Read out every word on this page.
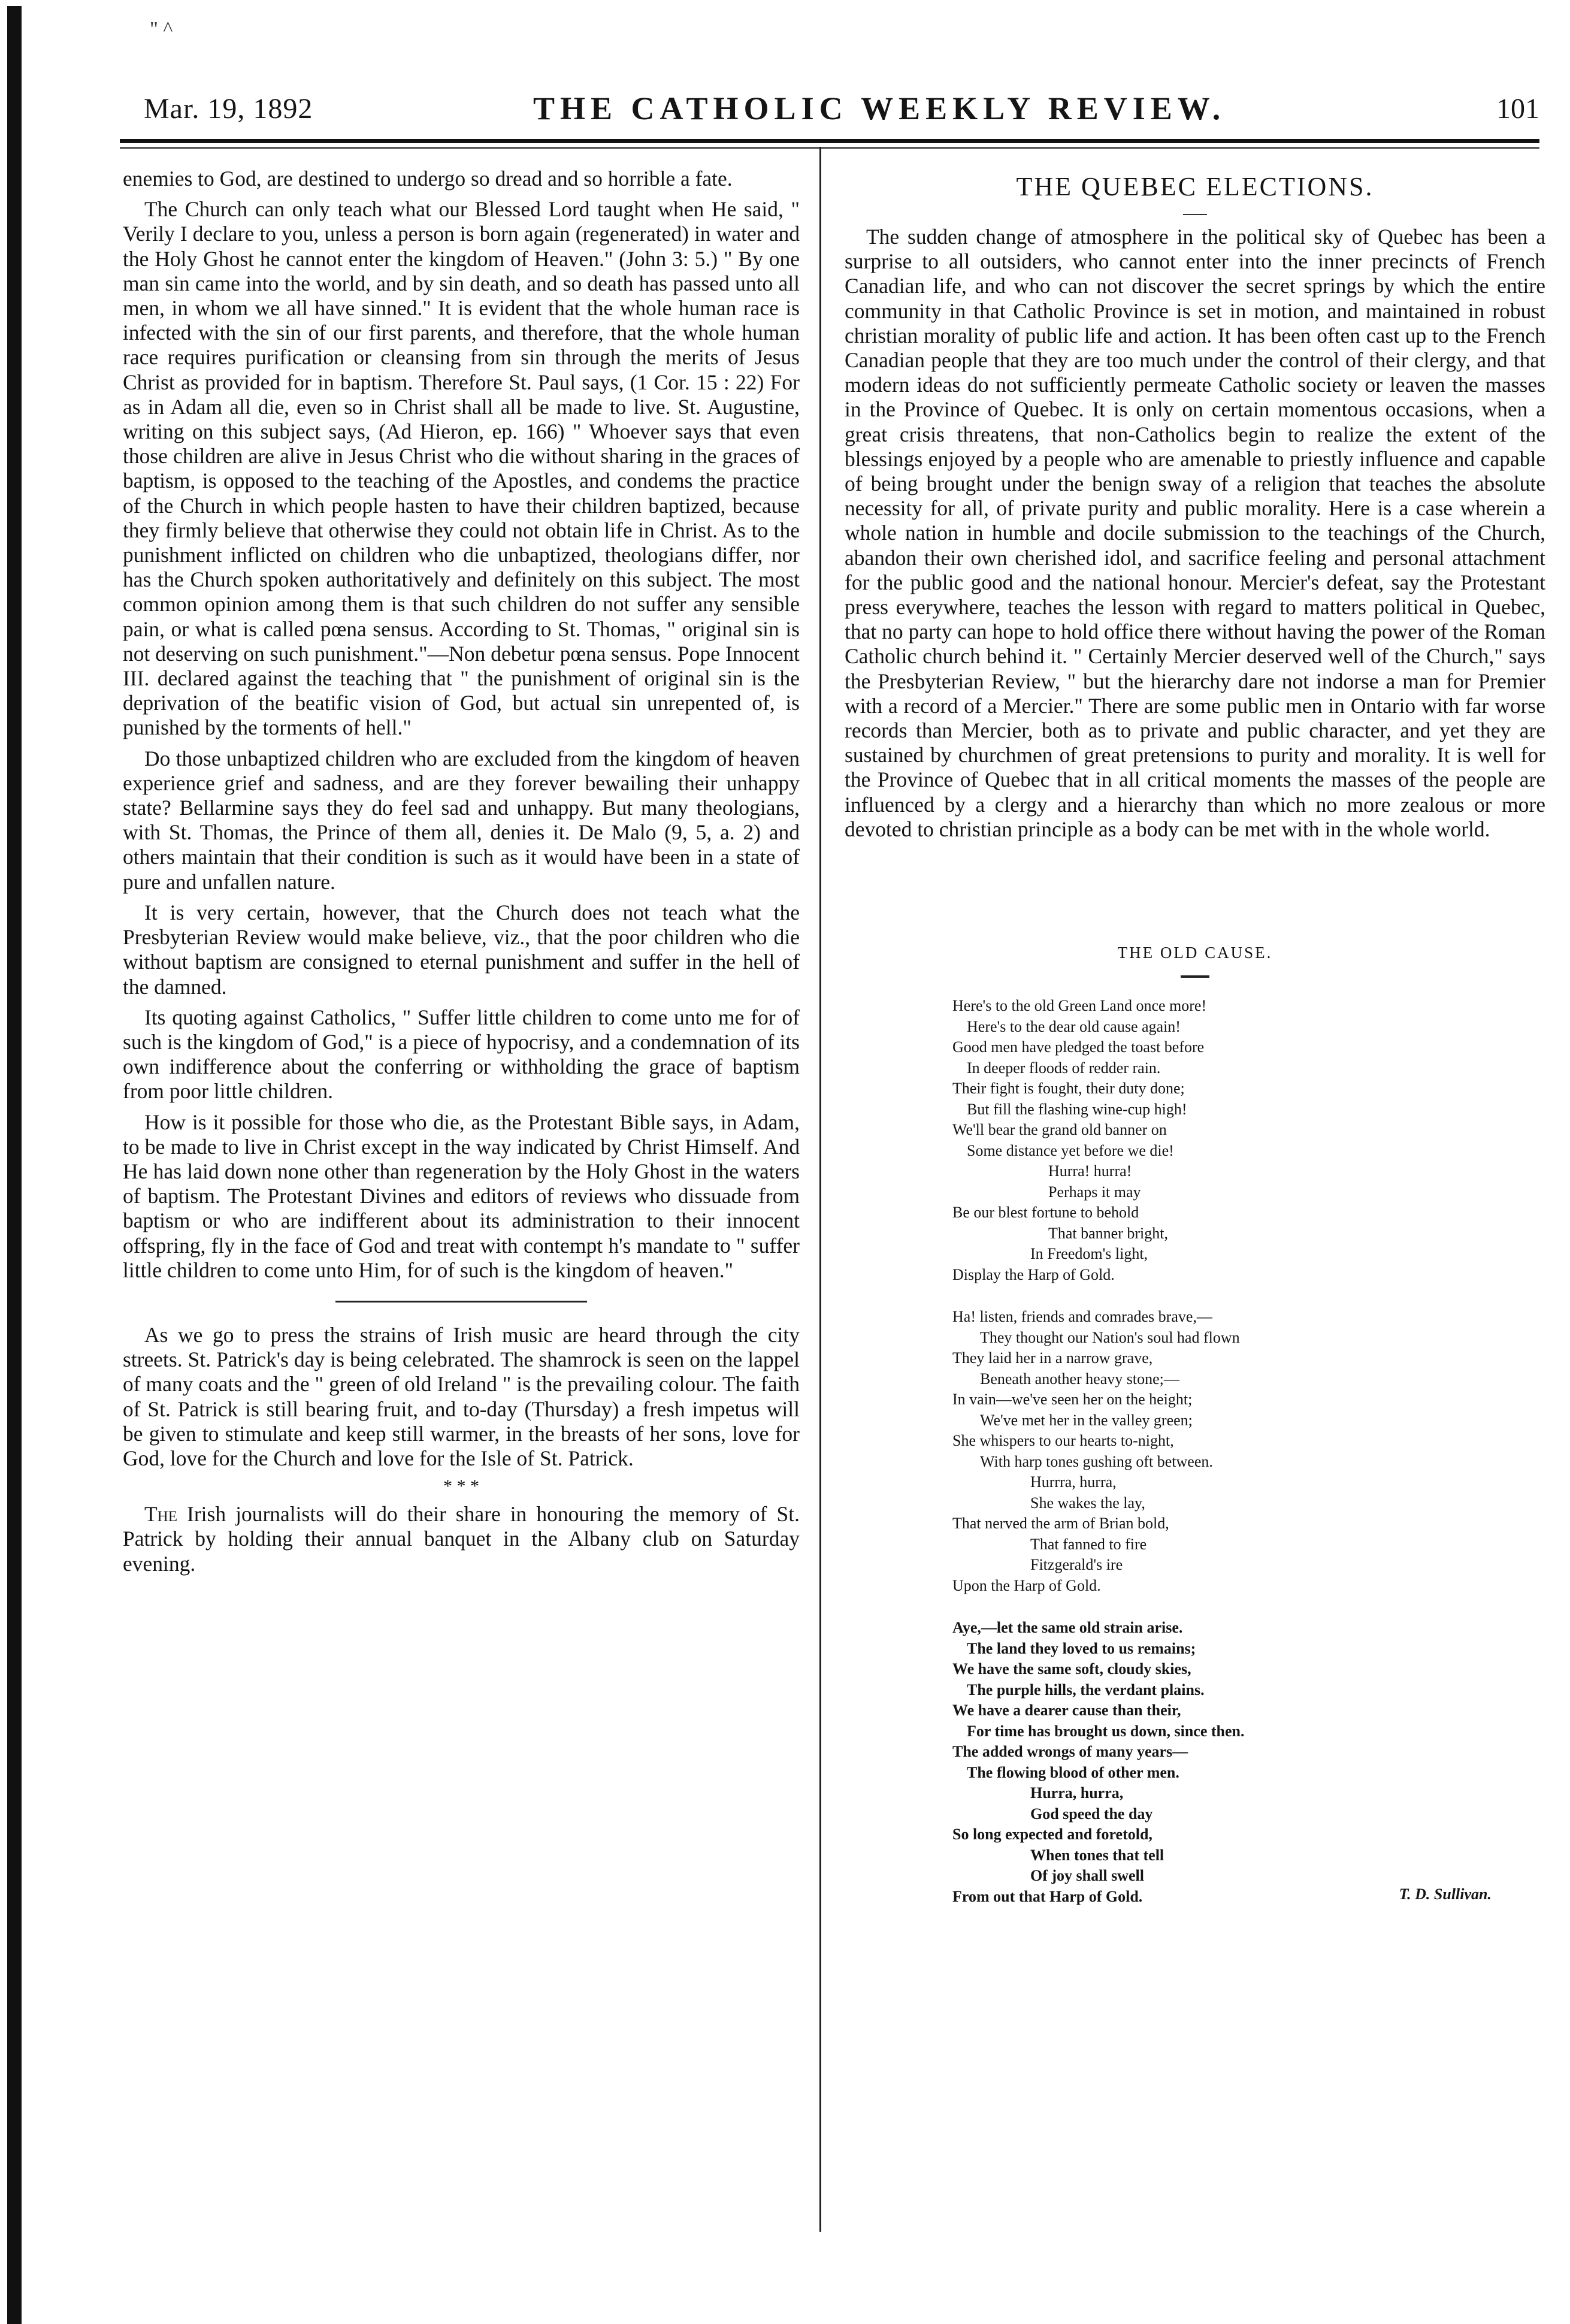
" ^
Mar. 19, 1892	THE CATHOLIC WEEKLY REVIEW.	101

enemies to God, are destined to undergo so dread and so horrible a fate.

The Church can only teach what our Blessed Lord taught when He said, " Verily I declare to you, unless a person is born again (regenerated) in water and the Holy Ghost he cannot enter the kingdom of Heaven." (John 3: 5.) " By one man sin came into the world, and by sin death, and so death has passed unto all men, in whom we all have sinned." It is evident that the whole human race is infected with the sin of our first parents, and therefore, that the whole human race requires purification or cleansing from sin through the merits of Jesus Christ as provided for in baptism. Therefore St. Paul says, (1 Cor. 15 : 22) For as in Adam all die, even so in Christ shall all be made to live. St. Augustine, writing on this subject says, (Ad Hieron, ep. 166) " Whoever says that even those children are alive in Jesus Christ who die without sharing in the graces of baptism, is opposed to the teaching of the Apostles, and condems the practice of the Church in which people hasten to have their children baptized, because they firmly believe that otherwise they could not obtain life in Christ. As to the punishment inflicted on children who die unbaptized, theologians differ, nor has the Church spoken authoritatively and definitely on this subject. The most common opinion among them is that such children do not suffer any sensible pain, or what is called pœna sensus. According to St. Thomas, " original sin is not deserving on such punishment."—Non debetur pœna sensus. Pope Innocent III. declared against the teaching that " the punishment of original sin is the deprivation of the beatific vision of God, but actual sin unrepented of, is punished by the torments of hell."

Do those unbaptized children who are excluded from the kingdom of heaven experience grief and sadness, and are they forever bewailing their unhappy state? Bellarmine says they do feel sad and unhappy. But many theologians, with St. Thomas, the Prince of them all, denies it. De Malo (9, 5, a. 2) and others maintain that their condition is such as it would have been in a state of pure and unfallen nature.

It is very certain, however, that the Church does not teach what the Presbyterian Review would make believe, viz., that the poor children who die without baptism are consigned to eternal punishment and suffer in the hell of the damned.

Its quoting against Catholics, " Suffer little children to come unto me for of such is the kingdom of God," is a piece of hypocrisy, and a condemnation of its own indifference about the conferring or withholding the grace of baptism from poor little children.

How is it possible for those who die, as the Protestant Bible says, in Adam, to be made to live in Christ except in the way indicated by Christ Himself. And He has laid down none other than regeneration by the Holy Ghost in the waters of baptism. The Protestant Divines and editors of reviews who dissuade from baptism or who are indifferent about its administration to their innocent offspring, fly in the face of God and treat with contempt h's mandate to " suffer little children to come unto Him, for of such is the kingdom of heaven."

As we go to press the strains of Irish music are heard through the city streets. St. Patrick's day is being celebrated. The shamrock is seen on the lappel of many coats and the " green of old Ireland " is the prevailing colour. The faith of St. Patrick is still bearing fruit, and to-day (Thursday) a fresh impetus will be given to stimulate and keep still warmer, in the breasts of her sons, love for God, love for the Church and love for the Isle of St. Patrick.

* * *

The Irish journalists will do their share in honouring the memory of St. Patrick by holding their annual banquet in the Albany club on Saturday evening.

THE QUEBEC ELECTIONS.

The sudden change of atmosphere in the political sky of Quebec has been a surprise to all outsiders, who cannot enter into the inner precincts of French Canadian life, and who can not discover the secret springs by which the entire community in that Catholic Province is set in motion, and maintained in robust christian morality of public life and action. It has been often cast up to the French Canadian people that they are too much under the control of their clergy, and that modern ideas do not sufficiently permeate Catholic society or leaven the masses in the Province of Quebec. It is only on certain momentous occasions, when a great crisis threatens, that non-Catholics begin to realize the extent of the blessings enjoyed by a people who are amenable to priestly influence and capable of being brought under the benign sway of a religion that teaches the absolute necessity for all, of private purity and public morality. Here is a case wherein a whole nation in humble and docile submission to the teachings of the Church, abandon their own cherished idol, and sacrifice feeling and personal attachment for the public good and the national honour. Mercier's defeat, say the Protestant press everywhere, teaches the lesson with regard to matters political in Quebec, that no party can hope to hold office there without having the power of the Roman Catholic church behind it. " Certainly Mercier deserved well of the Church," says the Presbyterian Review, " but the hierarchy dare not indorse a man for Premier with a record of a Mercier." There are some public men in Ontario with far worse records than Mercier, both as to private and public character, and yet they are sustained by churchmen of great pretensions to purity and morality. It is well for the Province of Quebec that in all critical moments the masses of the people are influenced by a clergy and a hierarchy than which no more zealous or more devoted to christian principle as a body can be met with in the whole world.

THE OLD CAUSE.
Here's to the old Green Land once more!
Here's to the dear old cause again!
Good men have pledged the toast before
In deeper floods of redder rain.
Their fight is fought, their duty done;
But fill the flashing wine-cup high!
We'll bear the grand old banner on
Some distance yet before we die!
Hurra! hurra!
Perhaps it may
Be our blest fortune to behold
That banner bright,
In Freedom's light,
Display the Harp of Gold.
Ha! listen, friends and comrades brave,—
They thought our Nation's soul had flown
They laid her in a narrow grave,
Beneath another heavy stone;—
In vain—we've seen her on the height;
We've met her in the valley green;
She whispers to our hearts to-night,
With harp tones gushing oft between.
Hurrra, hurra,
She wakes the lay,
That nerved the arm of Brian bold,
That fanned to fire
Fitzgerald's ire
Upon the Harp of Gold.
Aye,—let the same old strain arise.
The land they loved to us remains;
We have the same soft, cloudy skies,
The purple hills, the verdant plains.
We have a dearer cause than their,
For time has brought us down, since then.
The added wrongs of many years—
The flowing blood of other men.
Hurra, hurra,
God speed the day
So long expected and foretold,
When tones that tell
Of joy shall swell
From out that Harp of Gold.	T. D. Sullivan.
